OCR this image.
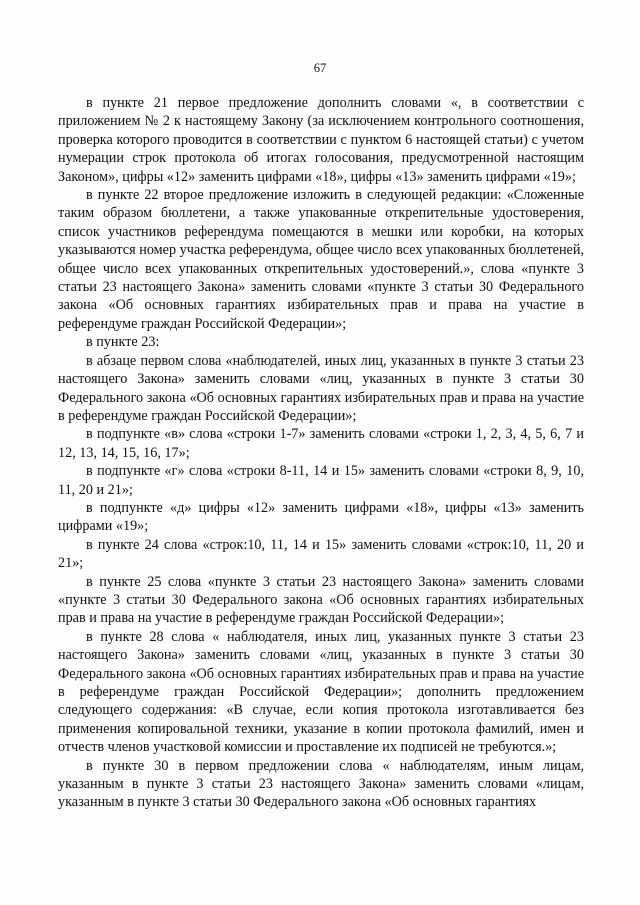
67

в пункте 21 первое предложение дополнить словами «, в соответствии с приложением № 2 к настоящему Закону (за исключением контрольного соотношения, проверка которого проводится в соответствии с пунктом 6 настоящей статьи) с учетом нумерации строк протокола об итогах голосования, предусмотренной настоящим Законом», цифры «12» заменить цифрами «18», цифры «13» заменить цифрами «19»;

в пункте 22 второе предложение изложить в следующей редакции: «Сложенные таким образом бюллетени, а также упакованные открепительные удостоверения, список участников референдума помещаются в мешки или коробки, на которых указываются номер участка референдума, общее число всех упакованных бюллетеней, общее число всех упакованных открепительных удостоверений.», слова «пункте 3 статьи 23 настоящего Закона» заменить словами «пункте 3 статьи 30 Федерального закона «Об основных гарантиях избирательных прав и права на участие в референдуме граждан Российской Федерации»;

в пункте 23:

в абзаце первом слова «наблюдателей, иных лиц, указанных в пункте 3 статьи 23 настоящего Закона» заменить словами «лиц, указанных в пункте 3 статьи 30 Федерального закона «Об основных гарантиях избирательных прав и права на участие в референдуме граждан Российской Федерации»;

в подпункте «в» слова «строки 1-7» заменить словами «строки 1, 2, 3, 4, 5, 6, 7 и 12, 13, 14, 15, 16, 17»;

в подпункте «г» слова «строки 8-11, 14 и 15» заменить словами «строки 8, 9, 10, 11, 20 и 21»;

в подпункте «д» цифры «12» заменить цифрами «18», цифры «13» заменить цифрами «19»;

в пункте 24 слова «строк:10, 11, 14 и 15» заменить словами «строк:10, 11, 20 и 21»;

в пункте 25 слова «пункте 3 статьи 23 настоящего Закона» заменить словами «пункте 3 статьи 30 Федерального закона «Об основных гарантиях избирательных прав и права на участие в референдуме граждан Российской Федерации»;

в пункте 28 слова « наблюдателя, иных лиц, указанных пункте 3 статьи 23 настоящего Закона» заменить словами «лиц, указанных в пункте 3 статьи 30 Федерального закона «Об основных гарантиях избирательных прав и права на участие в референдуме граждан Российской Федерации»; дополнить предложением следующего содержания: «В случае, если копия протокола изготавливается без применения копировальной техники, указание в копии протокола фамилий, имен и отчеств членов участковой комиссии и проставление их подписей не требуются.»;

в пункте 30 в первом предложении слова « наблюдателям, иным лицам, указанным в пункте 3 статьи 23 настоящего Закона» заменить словами «лицам, указанным в пункте 3 статьи 30 Федерального закона «Об основных гарантиях
